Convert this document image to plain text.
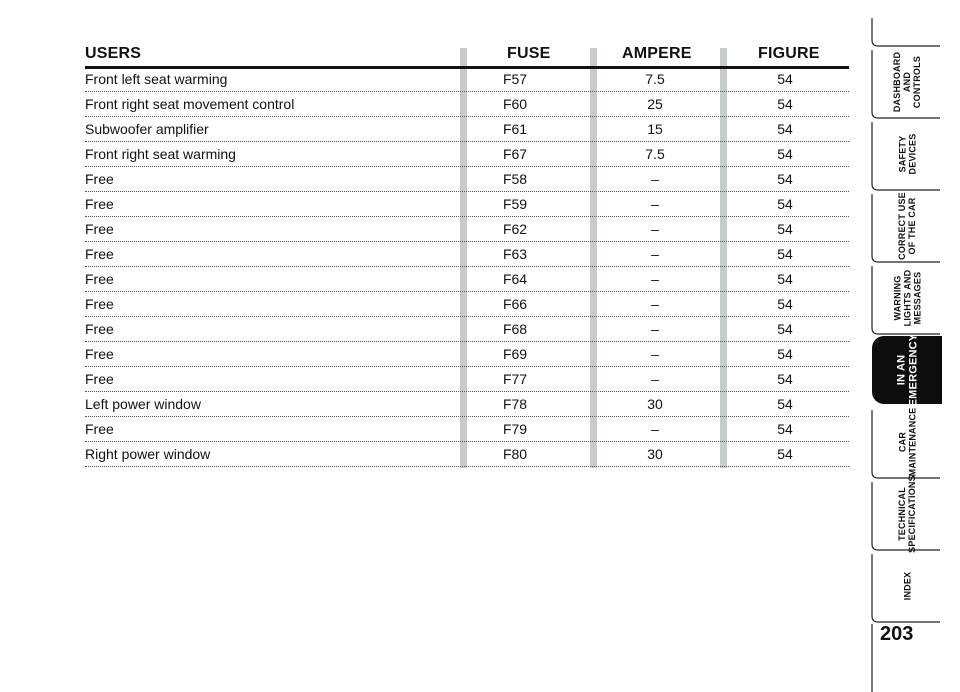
USERS	FUSE	AMPERE	FIGURE
Front left seat warming	F57	7.5	54
Front right seat movement control	F60	25	54
Subwoofer amplifier	F61	15	54
Front right seat warming	F67	7.5	54
Free	F58	–	54
Free	F59	–	54
Free	F62	–	54
Free	F63	–	54
Free	F64	–	54
Free	F66	–	54
Free	F68	–	54
Free	F69	–	54
Free	F77	–	54
Left power window	F78	30	54
Free	F79	–	54
Right power window	F80	30	54
DASHBOARD
AND
CONTROLS
SAFETY
DEVICES
CORRECT USE
OF THE CAR
WARNING
LIGHTS AND
MESSAGES
IN AN
EMERGENCY
CAR
MAINTENANCE
TECHNICAL
SPECIFICATIONS
INDEX
203
